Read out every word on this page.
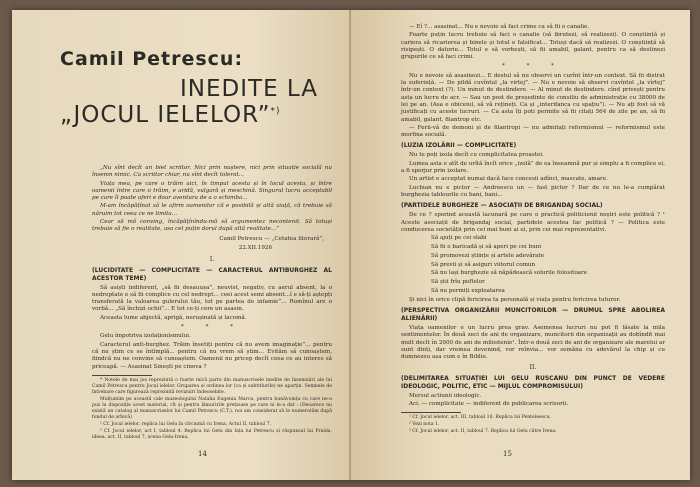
Camil Petrescu:
INEDITE LA
„JOCUL IELELOR”*)

„Nu sînt decît un biet scriitor. Nici prin naștere, nici prin situație socială nu însemn nimic. Ca scriitor chiar, nu sînt decît tolerat...

Viața mea, pe care o trăim aici, în timpul acesta și în locul acesta, și între oamenii între care o trăim, e aridă, vulgară și meschină. Singurul lucru acceptabil pe care îl poate oferi e doar aventura de a o schimba...

M-am încăpățînat să le afirm oamenilor că e posibilă și altă viață, că trebuie să năruim tot ceea ce ne limita...

Cear să mă conving, încăpățînîndu-mă să argumentez necontenit. Să totuși trebuie să fie o realitate, asa cel puțin dorul după altă realitate...”

Camil Petrescu — „Cetatea literară”,
22.XII.1926
I.
(LUCIDITATE — COMPLICITATE — CARACTERUL ANTIBURGHEZ AL ACESTOR TEME)

Să asiști indiferent, „să fii desauușa”, neuvist, negativ, cu aerul absent, la o nedreptate e să fii complice cu cel nedrept... ceei acest semi absent...î e să-ți aștepți transferată la valoarea gulerului tău, tot pe partea de infamie”... Romînul are o vorbă... „Să închizi ochii”... E tot ce-ți cere un asasin.

Aceasta lume abjectă, aprigă, nerușinată și lacomă.

* * *

Gelu împotriva izolaționismului.

Caracterul anti-burghez. Trăim însetiți pentru că nu avem imaginație”... pentru că nu știm ce se întîmplă... pentru că nu vrem să știm... Evităm să cunoaștem, fiindcă nu ne convine să cunoaștem. Oamenii nu pricep decît ceea ce au interes să priceapă. — Asasinat Sinești pe cineva ?

* Notele de mai jos reprezintă o foarte mică parte din manuscrisele inedite de însemnări ale lui Camil Petrescu pentru Jocul ielelor. Gruparea și ordinea lor (ca și subtitlurile) ne aparțin. Semnele de întrebare care figurează reprezintă revizuiri îndeosebite.

Mulțumim pe această cale muzeologului Natalia Eugenia Marcu, pentru bunăvoința cu care ne-a pus la dispoziție acest material, cît și pentru lămuririle prețioase pe care ni le-a dat : (Deoarece nu există un catalog al manuscriselor lui Camil Petrescu (C.T.), noi am considerat să le numerotăm după fondul de arhivă)

¹ Cf. Jocul ielelor, replica lui Gelu în cîrciumă cu Irena, Actul II, tabloul 7.

² Cf. Jocul ielelor, act I, tabloul 4. Replica lui Gelu din fața lui Petrescu și răspunsul lui Praida, ideea, act. II, tabloul 7, scena Gelu-Irena.

14

— Eî ?... asasinat... Nu e nevoie să faci crime ca să fii o canalie.

Foarte puțin lucru trebuie să faci o canalie (să ibrutezi, să realizezi). O conștiință și cariera să ricarierea și binele și totul e falsificat... Totuși dacă să realizezi. O conștiință să risipești. O datorie... Totul e să vorbești, să fii amabil, galant, pentru ca să destinezi grupurile ce să faci crimi.

* * *

Nu e nevoie să asasinezi... E destul să nu observi un curînt într-un context. Să fii distrat la suferință. — De pildă cuvîntul „la virtej”. — Nu e nevoie să observi cuvîntul „la vîrtej” într-un context (?). Un minut de destindere. — Al minut de destindere. cînd privești pentru asta un lucru de acr. — Sau un post de președinte de consiliu de administrație cu 38000 de lei pe an. (Asa e obiceiul, să vă rețineți. Ca și „interifanca cu spațiu”). — Nu ați fost să vă justificați cu aceste lucruri. — Ca asta îți poti permite să fii citați 564 de zile pe an, să fii amabil, galant, filantrop etc.

— Ferii-vă de demoni și de filantropi — nu admitați reformismul — reformismul este morfina socială.

(LUZIA IZOLĂRII — COMPLICITATE)

Nu te poți izola decît cu complicitatea proastei.

Lumea asta e atît de urîtă încît orice „izolă” de ea înseamnă pur și simplu a fi complice ei, a fi sperjur prin izolare.

Un artist e acceptat numai dacă face concesii adînci, mascate, amare.

Luchian nu e pictor — Andreescu un — fast pictor ? Dar de ce nu le-a cumpărat burghezia tablourile cu bani, bani...

(PARTIDELE BURGHEZE — ASOCIAȚII DE BRIGANDAJ SOCIAL)

De ce ? sporind această lacunară pe care o practică politicienii noștri este politică ? ¹ Aceste asociații de brigandaj social, partidele acestea fac politică ? — Politica este conducerea societății prin cei mai buni ai ei, prin cei mai reprezentativi.

Să ajuți pe cei slabi
Să fii o baricadă și să aperi pe cei buni
Să promovezi științe și artele adevărate
Să previi și să asiguri viitorul comun
Să nu lași burghezie să năpădească solurile folositoare
Să știi frîu poftelor
Să nu permiți exploatarea

Și nici în orice clipă fericirea ta personală și viața pentru fericirea tuturor.

(PERSPECTIVA ORGANIZĂRII MUNCITORILOR — DRUMUL SPRE ABOLIREA ALIENĂRII)

Viața oamenilor e un lucru prea grav. Asemenea lucruri nu pot fi lăsate la mila sentimentelor. În două zeci de ani de organizare, muncitorii din organizații au dobîndit mai mult decît în 2000 de ani de milostenie¹. Într-o două zeci de ani de organizare ale marelui ar sunt dinți, dar vremea devenind, vor reînvia... vor semăna cu adevărul la chip și cu dumnezeu așa cum e în Biblie.

II.
(DELIMITAREA SITUAȚIEI LUI GELU RUSCANU DIN PUNCT DE VEDERE IDEOLOGIC, POLITIC, ETIC — MIJLUL COMPROMISULUI)

Mersul actiunii ideologic.

Aci. — complicitate — indiferent de publicarea scrisorii.

¹ Cf. Jocul ielelor, act. III, tabloul 10. Replica lui Penteleescu.

² Vezi nota 1.

³ Cf. Jocul ielelor, act. II, tabloul 7. Replica lui Gelu către Irena.

15
